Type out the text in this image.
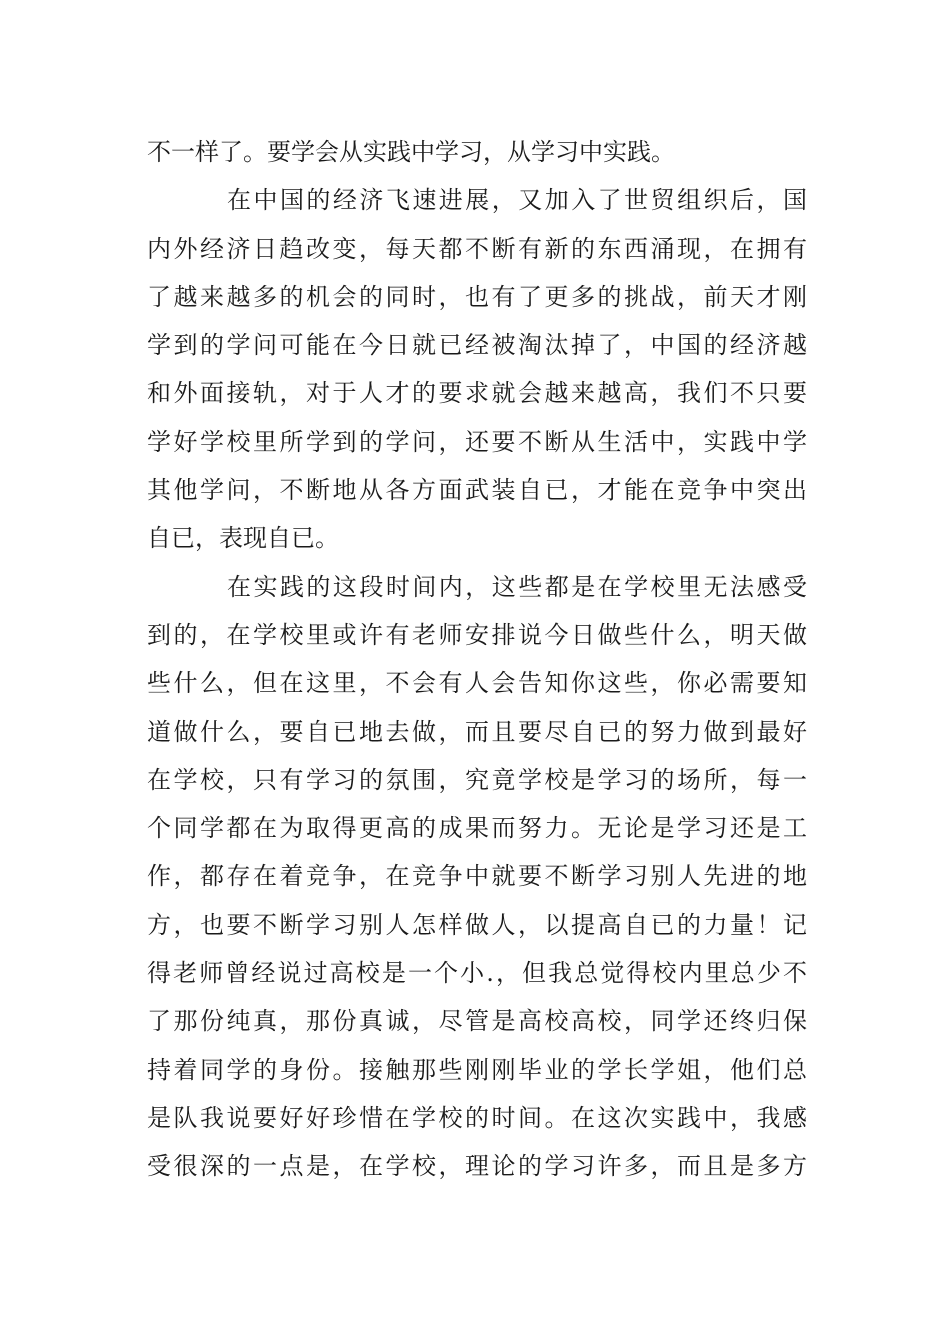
不一样了。要学会从实践中学习，从学习中实践。
在中国的经济飞速进展，又加入了世贸组织后，国
内外经济日趋改变，每天都不断有新的东西涌现，在拥有
了越来越多的机会的同时，也有了更多的挑战，前天才刚
学到的学问可能在今日就已经被淘汰掉了，中国的经济越
和外面接轨，对于人才的要求就会越来越高，我们不只要
学好学校里所学到的学问，还要不断从生活中，实践中学
其他学问，不断地从各方面武装自已，才能在竞争中突出
自已，表现自已。
在实践的这段时间内，这些都是在学校里无法感受
到的，在学校里或许有老师安排说今日做些什么，明天做
些什么，但在这里，不会有人会告知你这些，你必需要知
道做什么，要自已地去做，而且要尽自已的努力做到最好
在学校，只有学习的氛围，究竟学校是学习的场所，每一
个同学都在为取得更高的成果而努力。无论是学习还是工
作，都存在着竞争，在竞争中就要不断学习别人先进的地
方，也要不断学习别人怎样做人，以提高自已的力量！记
得老师曾经说过高校是一个小.，但我总觉得校内里总少不
了那份纯真，那份真诚，尽管是高校高校，同学还终归保
持着同学的身份。接触那些刚刚毕业的学长学姐，他们总
是队我说要好好珍惜在学校的时间。在这次实践中，我感
受很深的一点是，在学校，理论的学习许多，而且是多方
